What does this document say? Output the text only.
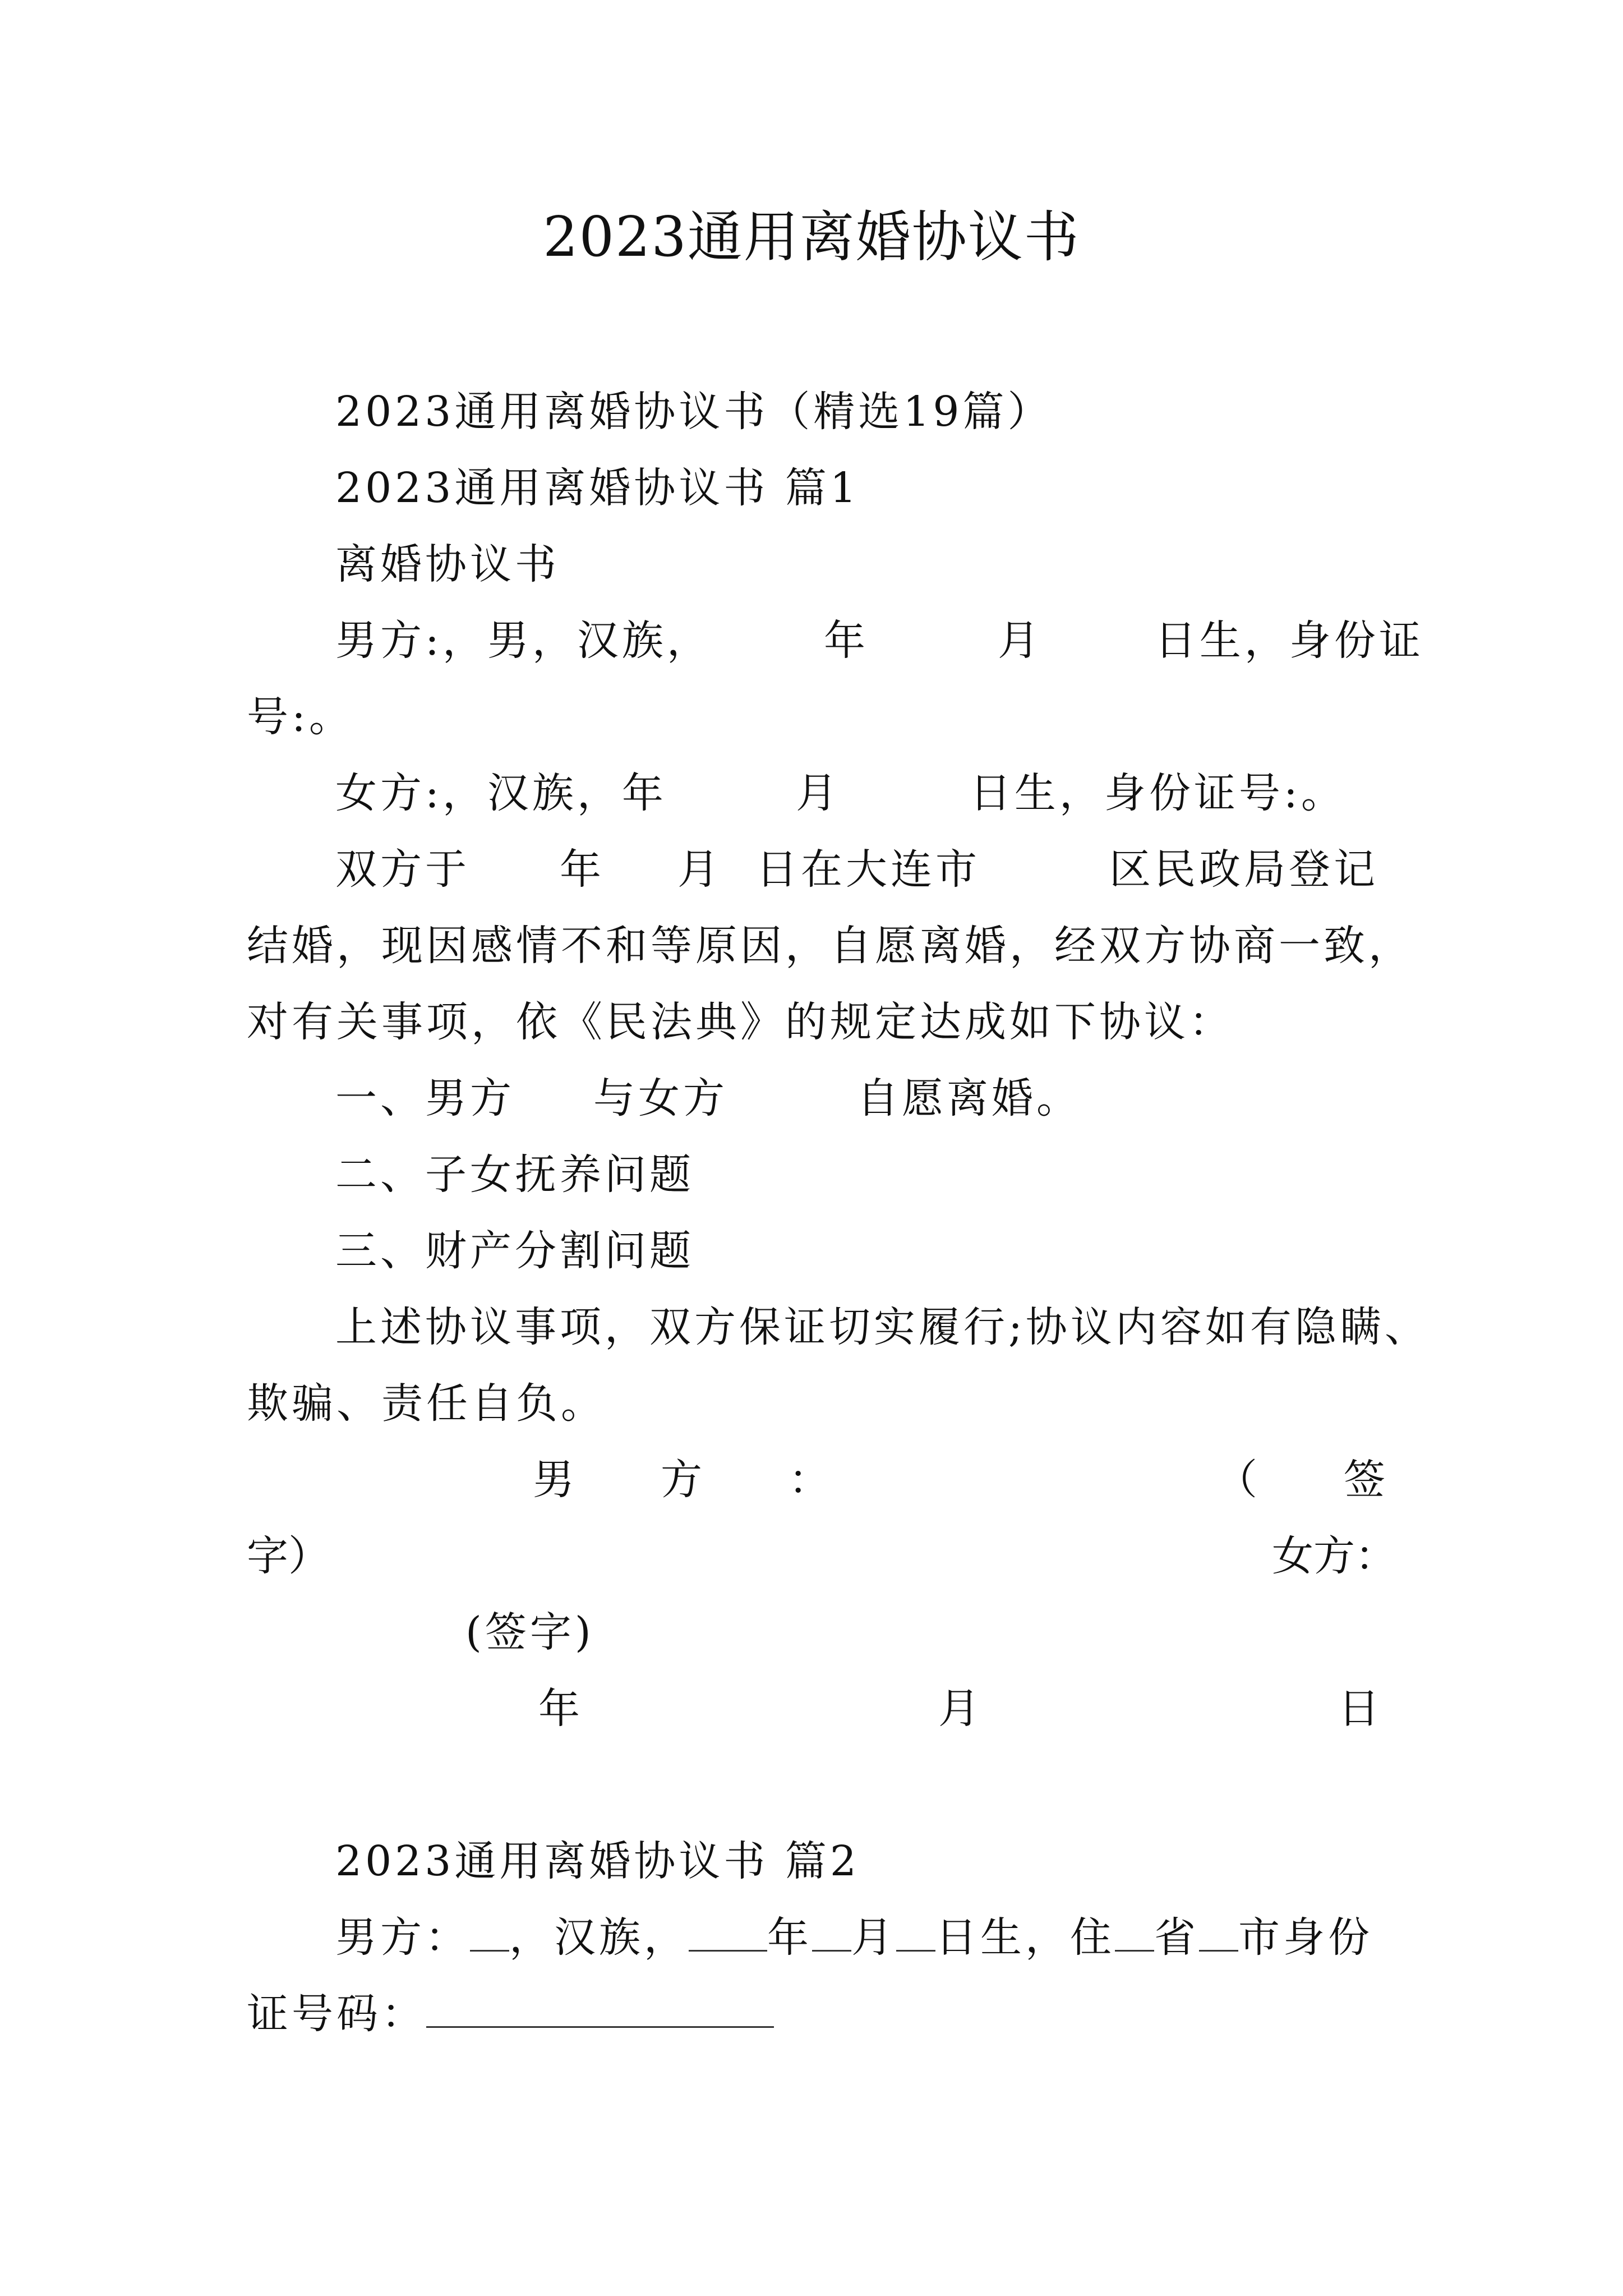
2023通用离婚协议书
2023通用离婚协议书（精选19篇）
2023通用离婚协议书 篇1
离婚协议书
男方:，男，汉族，	年	月	日生，身份证
号:。
女方:，汉族，年	月	日生，身份证号:。
双方于 年 月 日在大连市	区民政局登记
结婚，现因感情不和等原因，自愿离婚，经双方协商一致，
对有关事项，依《民法典》的规定达成如下协议：
一、男方 与女方	自愿离婚。
二、子女抚养问题
三、财产分割问题
上述协议事项，双方保证切实履行;协议内容如有隐瞒、
欺骗、责任自负。
男 方 ：	（ 签
字）	女方：
(签字)
年	月	日
2023通用离婚协议书 篇2
男方： ，汉族， 年 月 日生，住 省 市身份
证号码：
